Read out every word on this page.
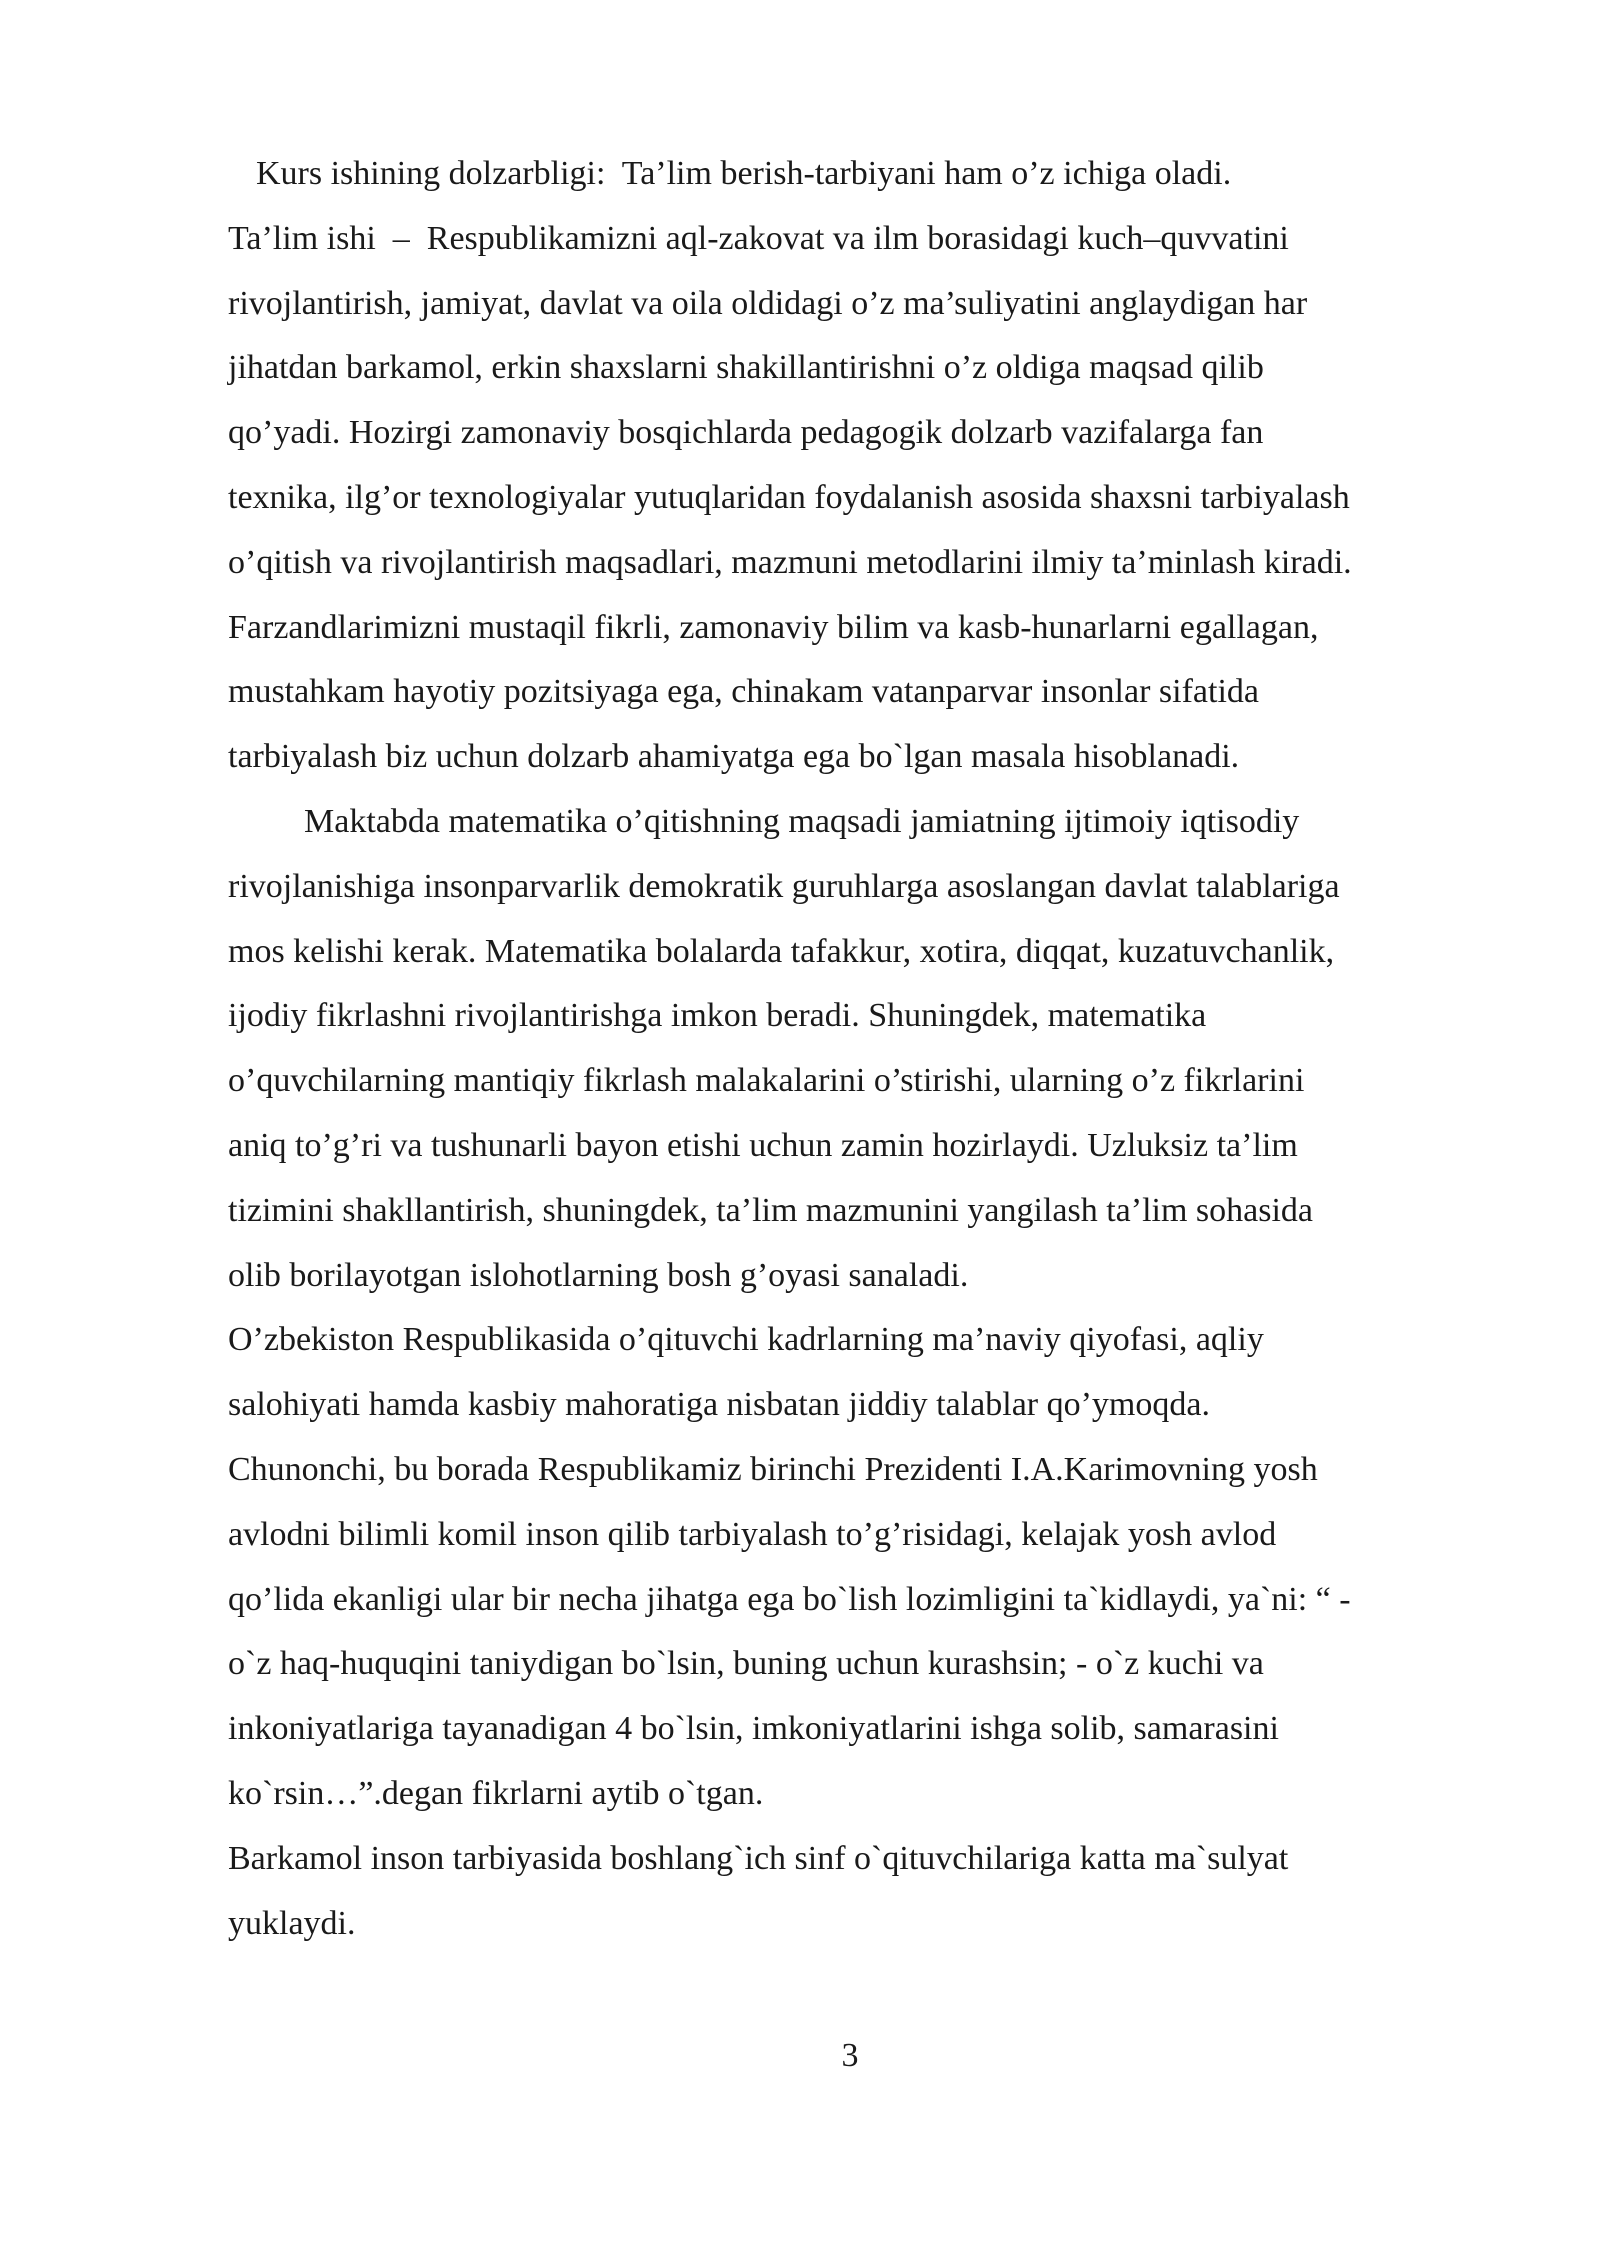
Kurs ishining dolzarbligi:  Ta’lim berish-tarbiyani ham o’z ichiga oladi.
Ta’lim ishi  –  Respublikamizni aql-zakovat va ilm borasidagi kuch–quvvatini
rivojlantirish, jamiyat, davlat va oila oldidagi o’z ma’suliyatini anglaydigan har
jihatdan barkamol, erkin shaxslarni shakillantirishni o’z oldiga maqsad qilib
qo’yadi. Hozirgi zamonaviy bosqichlarda pedagogik dolzarb vazifalarga fan
texnika, ilg’or texnologiyalar yutuqlaridan foydalanish asosida shaxsni tarbiyalash
o’qitish va rivojlantirish maqsadlari, mazmuni metodlarini ilmiy ta’minlash kiradi.
Farzandlarimizni mustaqil fikrli, zamonaviy bilim va kasb-hunarlarni egallagan,
mustahkam hayotiy pozitsiyaga ega, chinakam vatanparvar insonlar sifatida
tarbiyalash biz uchun dolzarb ahamiyatga ega bo`lgan masala hisoblanadi.
Maktabda matematika o’qitishning maqsadi jamiatning ijtimoiy iqtisodiy
rivojlanishiga insonparvarlik demokratik guruhlarga asoslangan davlat talablariga
mos kelishi kerak. Matematika bolalarda tafakkur, xotira, diqqat, kuzatuvchanlik,
ijodiy fikrlashni rivojlantirishga imkon beradi. Shuningdek, matematika
o’quvchilarning mantiqiy fikrlash malakalarini o’stirishi, ularning o’z fikrlarini
aniq to’g’ri va tushunarli bayon etishi uchun zamin hozirlaydi. Uzluksiz ta’lim
tizimini shakllantirish, shuningdek, ta’lim mazmunini yangilash ta’lim sohasida
olib borilayotgan islohotlarning bosh g’oyasi sanaladi.
O’zbekiston Respublikasida o’qituvchi kadrlarning ma’naviy qiyofasi, aqliy
salohiyati hamda kasbiy mahoratiga nisbatan jiddiy talablar qo’ymoqda.
Chunonchi, bu borada Respublikamiz birinchi Prezidenti I.A.Karimovning yosh
avlodni bilimli komil inson qilib tarbiyalash to’g’risidagi, kelajak yosh avlod
qo’lida ekanligi ular bir necha jihatga ega bo`lish lozimligini ta`kidlaydi, ya`ni: “ -
o`z haq-huquqini taniydigan bo`lsin, buning uchun kurashsin; - o`z kuchi va
inkoniyatlariga tayanadigan 4 bo`lsin, imkoniyatlarini ishga solib, samarasini
ko`rsin…”.degan fikrlarni aytib o`tgan.
Barkamol inson tarbiyasida boshlang`ich sinf o`qituvchilariga katta ma`sulyat
yuklaydi.
3
